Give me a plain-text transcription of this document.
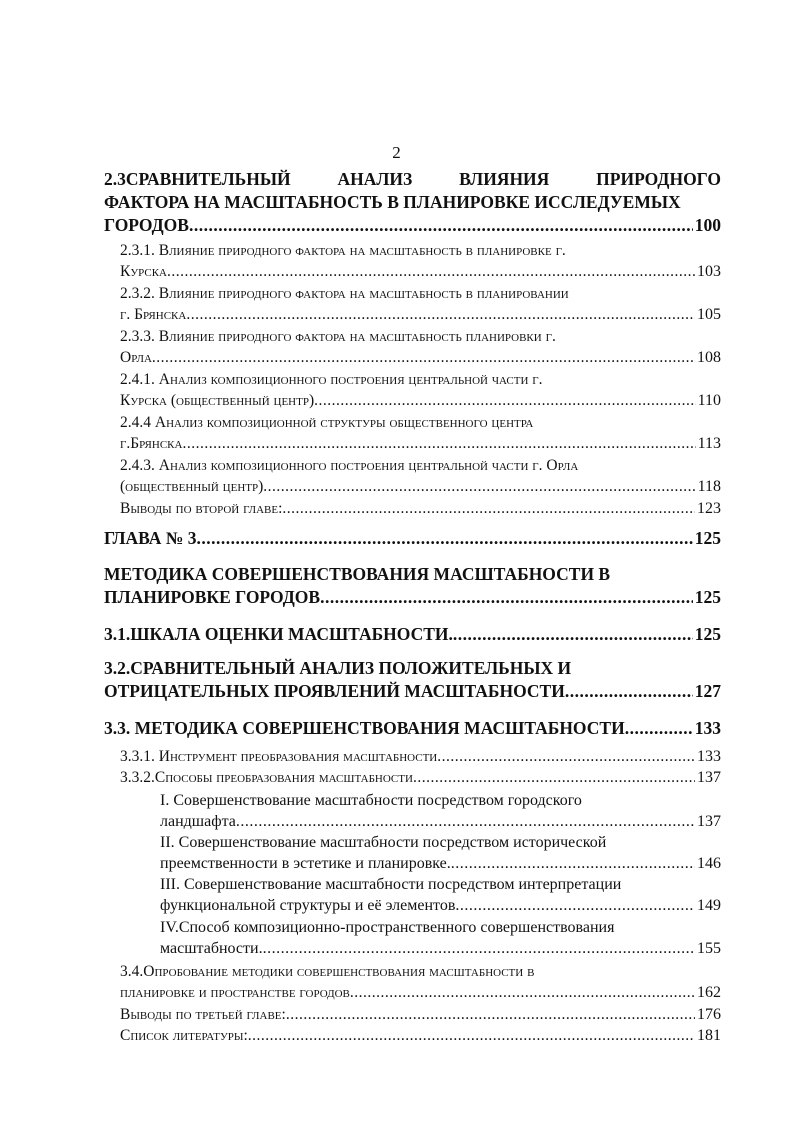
2
2.3СРАВНИТЕЛЬНЫЙ АНАЛИЗ ВЛИЯНИЯ ПРИРОДНОГО
ФАКТОРА НА МАСШТАБНОСТЬ В ПЛАНИРОВКЕ ИССЛЕДУЕМЫХ
ГОРОДОВ .....	100
2.3.1. Влияние природного фактора на масштабность в планировке г.
Курска .....	103
2.3.2. Влияние природного фактора на масштабность в планировании
г. Брянска .....	105
2.3.3. Влияние природного фактора на масштабность планировки г.
Орла .....	108
2.4.1. Анализ композиционного построения центральной части г.
Курска (общественный центр) .....	110
2.4.4 Анализ композиционной структуры общественного центра
г.Брянска .....	113
2.4.3. Анализ композиционного построения центральной части г. Орла
(общественный центр) .....	118
Выводы по второй главе: .....	123
ГЛАВА № 3 .....	125
МЕТОДИКА СОВЕРШЕНСТВОВАНИЯ МАСШТАБНОСТИ В
ПЛАНИРОВКЕ ГОРОДОВ .....	125
3.1.ШКАЛА ОЦЕНКИ МАСШТАБНОСТИ. .....	125
3.2.СРАВНИТЕЛЬНЫЙ АНАЛИЗ ПОЛОЖИТЕЛЬНЫХ И
ОТРИЦАТЕЛЬНЫХ ПРОЯВЛЕНИЙ МАСШТАБНОСТИ .....	127
3.3. МЕТОДИКА СОВЕРШЕНСТВОВАНИЯ МАСШТАБНОСТИ .....	133
3.3.1. Инструмент преобразования масштабности .....	133
3.3.2.Способы преобразования масштабности .....	137
I. Совершенствование масштабности посредством городского
ландшафта .....	137
II. Совершенствование масштабности посредством исторической
преемственности в эстетике и планировке. .....	146
III. Совершенствование масштабности посредством интерпретации
функциональной структуры и её элементов .....	149
IV.Способ композиционно-пространственного совершенствования
масштабности. .....	155
3.4.Опробование методики совершенствования масштабности в
планировке и пространстве городов .....	162
Выводы по третьей главе: .....	176
Список литературы: .....	181
